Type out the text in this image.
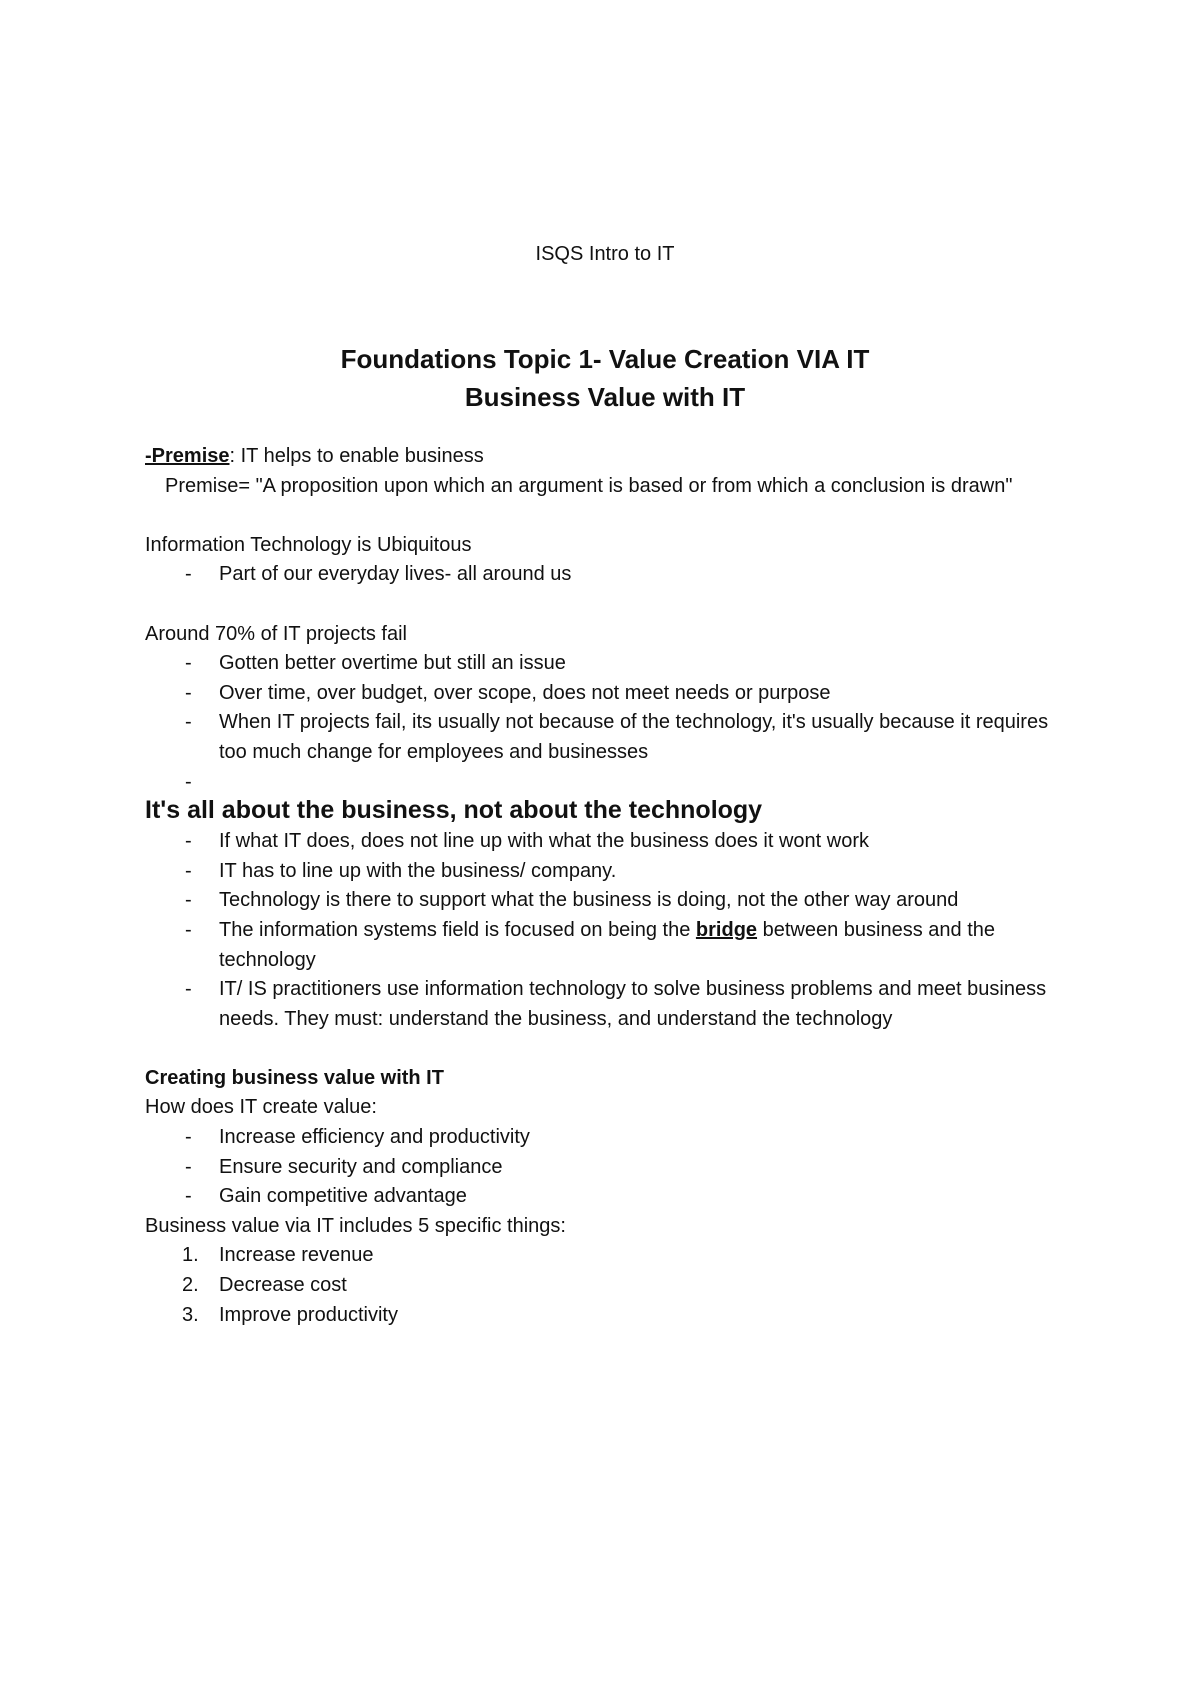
ISQS Intro to IT

Foundations Topic 1- Value Creation VIA IT

Business Value with IT

-Premise: IT helps to enable business

Premise= "A proposition upon which an argument is based or from which a conclusion is drawn"

Information Technology is Ubiquitous

- Part of our everyday lives- all around us

Around 70% of IT projects fail

- Gotten better overtime but still an issue
- Over time, over budget, over scope, does not meet needs or purpose
- When IT projects fail, its usually not because of the technology, it's usually because it requires too much change for employees and businesses
-

It's all about the business, not about the technology

- If what IT does, does not line up with what the business does it wont work
- IT has to line up with the business/ company.
- Technology is there to support what the business is doing, not the other way around
- The information systems field is focused on being the bridge between business and the technology
- IT/ IS practitioners use information technology to solve business problems and meet business needs. They must: understand the business, and understand the technology

Creating business value with IT

How does IT create value:

- Increase efficiency and productivity
- Ensure security and compliance
- Gain competitive advantage

Business value via IT includes 5 specific things:

1. Increase revenue
2. Decrease cost
3. Improve productivity
